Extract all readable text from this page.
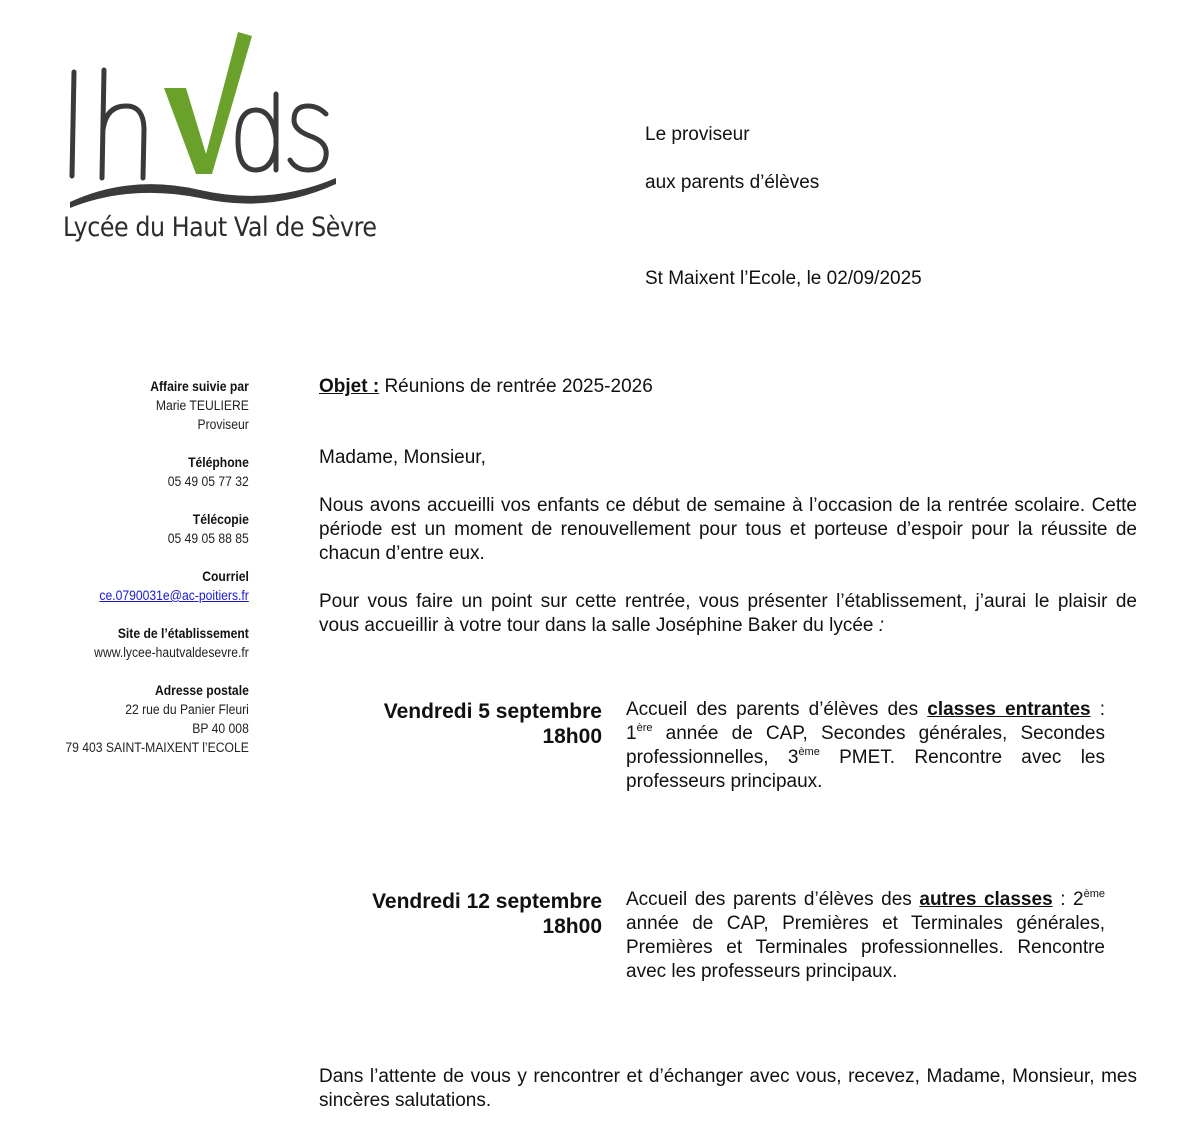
Lycée du Haut Val de Sèvre
Le proviseur
aux parents d’élèves
St Maixent l’Ecole, le 02/09/2025
Affaire suivie par
Marie TEULIERE
Proviseur
Téléphone
05 49 05 77 32
Télécopie
05 49 05 88 85
Courriel
ce.0790031e@ac-poitiers.fr
Site de l’établissement
www.lycee-hautvaldesevre.fr
Adresse postale
22 rue du Panier Fleuri
BP 40 008
79 403 SAINT-MAIXENT l’ECOLE
Objet : Réunions de rentrée 2025-2026
Madame, Monsieur,
Nous avons accueilli vos enfants ce début de semaine à l’occasion de la rentrée scolaire. Cette période est un moment de renouvellement pour tous et porteuse d’espoir pour la réussite de chacun d’entre eux.
Pour vous faire un point sur cette rentrée, vous présenter l’établissement, j’aurai le plaisir de vous accueillir à votre tour dans la salle Joséphine Baker du lycée :
Vendredi 5 septembre
18h00
Accueil des parents d’élèves des classes entrantes : 1ère année de CAP, Secondes générales, Secondes professionnelles, 3ème PMET. Rencontre avec les professeurs principaux.
Vendredi 12 septembre
18h00
Accueil des parents d’élèves des autres classes : 2ème année de CAP, Premières et Terminales générales, Premières et Terminales professionnelles. Rencontre avec les professeurs principaux.
Dans l’attente de vous y rencontrer et d’échanger avec vous, recevez, Madame, Monsieur, mes sincères salutations.
